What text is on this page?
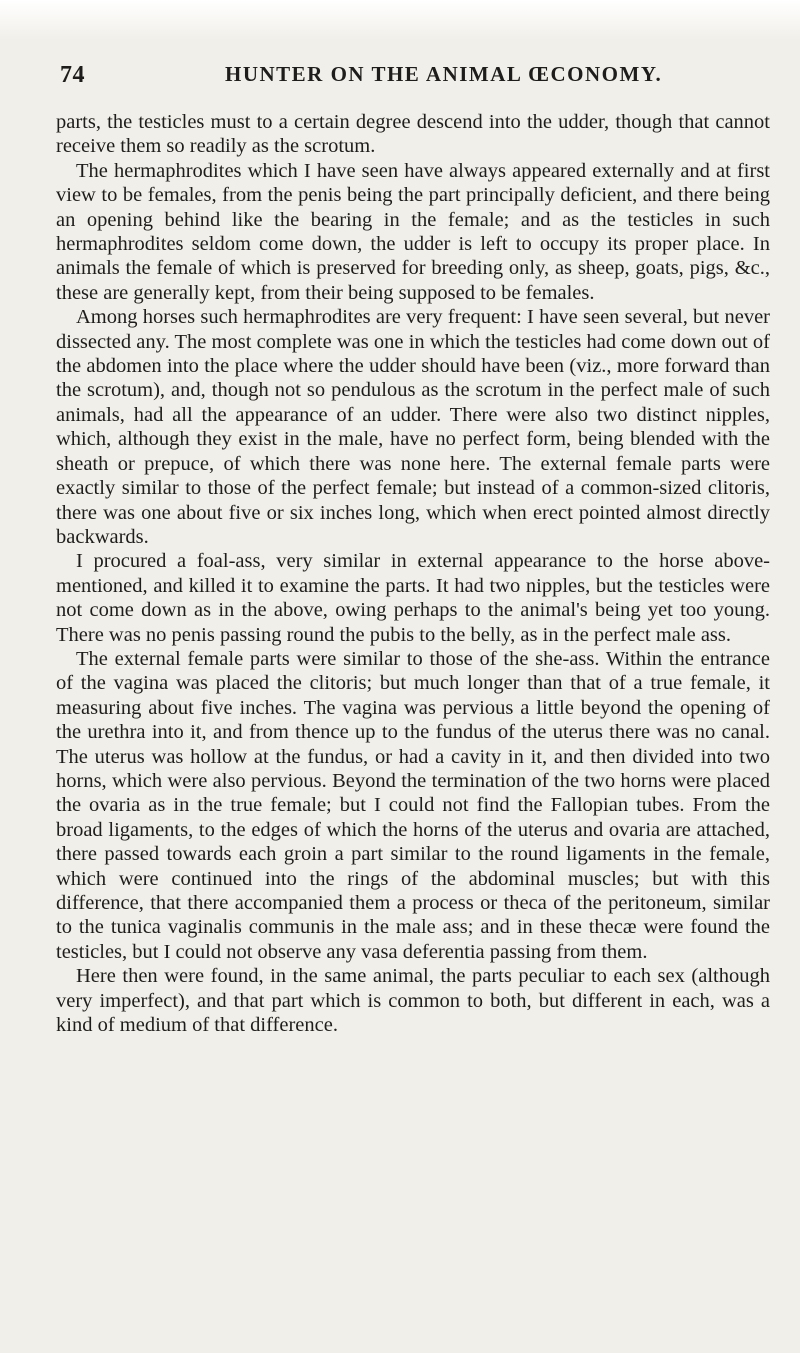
74	HUNTER ON THE ANIMAL ŒCONOMY.

parts, the testicles must to a certain degree descend into the udder, though that cannot receive them so readily as the scrotum.

The hermaphrodites which I have seen have always appeared externally and at first view to be females, from the penis being the part principally deficient, and there being an opening behind like the bearing in the female; and as the testicles in such hermaphrodites seldom come down, the udder is left to occupy its proper place. In animals the female of which is preserved for breeding only, as sheep, goats, pigs, &c., these are generally kept, from their being supposed to be females.

Among horses such hermaphrodites are very frequent: I have seen several, but never dissected any. The most complete was one in which the testicles had come down out of the abdomen into the place where the udder should have been (viz., more forward than the scrotum), and, though not so pendulous as the scrotum in the perfect male of such animals, had all the appearance of an udder. There were also two distinct nipples, which, although they exist in the male, have no perfect form, being blended with the sheath or prepuce, of which there was none here. The external female parts were exactly similar to those of the perfect female; but instead of a common-sized clitoris, there was one about five or six inches long, which when erect pointed almost directly backwards.

I procured a foal-ass, very similar in external appearance to the horse above-mentioned, and killed it to examine the parts. It had two nipples, but the testicles were not come down as in the above, owing perhaps to the animal's being yet too young. There was no penis passing round the pubis to the belly, as in the perfect male ass.

The external female parts were similar to those of the she-ass. Within the entrance of the vagina was placed the clitoris; but much longer than that of a true female, it measuring about five inches. The vagina was pervious a little beyond the opening of the urethra into it, and from thence up to the fundus of the uterus there was no canal. The uterus was hollow at the fundus, or had a cavity in it, and then divided into two horns, which were also pervious. Beyond the termination of the two horns were placed the ovaria as in the true female; but I could not find the Fallopian tubes. From the broad ligaments, to the edges of which the horns of the uterus and ovaria are attached, there passed towards each groin a part similar to the round ligaments in the female, which were continued into the rings of the abdominal muscles; but with this difference, that there accompanied them a process or theca of the peritoneum, similar to the tunica vaginalis communis in the male ass; and in these thecæ were found the testicles, but I could not observe any vasa deferentia passing from them.

Here then were found, in the same animal, the parts peculiar to each sex (although very imperfect), and that part which is common to both, but different in each, was a kind of medium of that difference.
